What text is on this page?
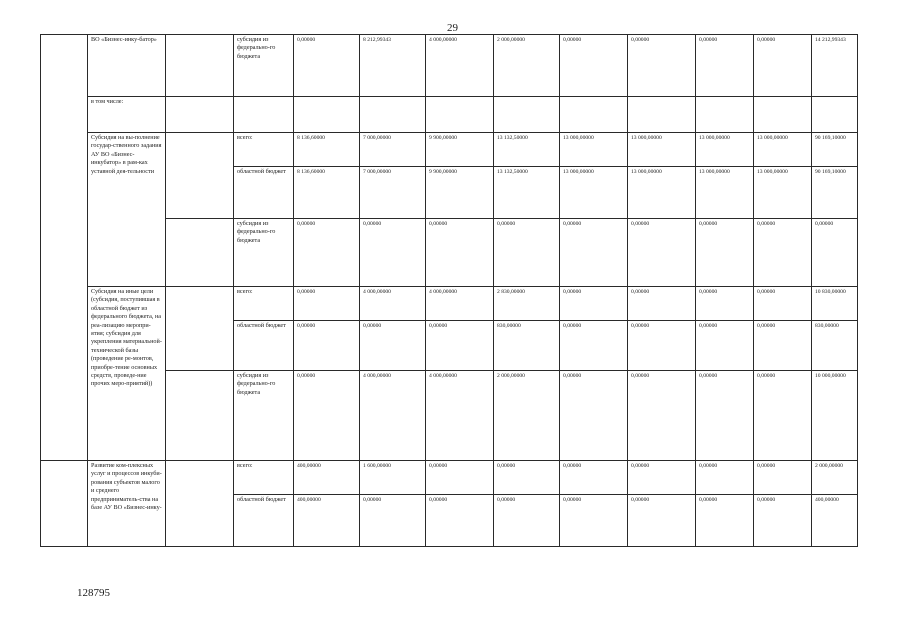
29
	ВО «Бизнес-инку-батор»		субсидия из федерально-го бюджета	0,00000	8 212,99343	4 000,00000	2 000,00000	0,00000	0,00000	0,00000	0,00000	14 212,99343
	в том числе:											
	Субсидия на вы-полнение государ-ственного задания АУ ВО «Бизнес-инкубатор» в рам-ках уставной дея-тельности		всего:	8 136,60000	7 000,00000	9 900,00000	13 132,50000	13 000,00000	13 000,00000	13 000,00000	13 000,00000	90 169,10000
			областной бюджет	8 136,60000	7 000,00000	9 900,00000	13 132,50000	13 000,00000	13 000,00000	13 000,00000	13 000,00000	90 169,10000
			субсидия из федерально-го бюджета	0,00000	0,00000	0,00000	0,00000	0,00000	0,00000	0,00000	0,00000	0,00000
	Субсидия на иные цели (субсидия, поступившая в областной бюджет из федерального бюджета, на реа-лизацию меропри-ятия; субсидия для укрепления материальной-технической базы (проведение ре-монтов, приобре-тение основных средств, проведе-ние прочих меро-приятий))		всего:	0,00000	4 000,00000	4 000,00000	2 830,00000	0,00000	0,00000	0,00000	0,00000	10 830,00000
			областной бюджет	0,00000	0,00000	0,00000	830,00000	0,00000	0,00000	0,00000	0,00000	830,00000
			субсидия из федерально-го бюджета	0,00000	4 000,00000	4 000,00000	2 000,00000	0,00000	0,00000	0,00000	0,00000	10 000,00000
	Развитие ком-плексных услуг и процессов инкуби-рования субъектов малого и среднего предприниматель-ства на базе АУ ВО «Бизнес-инку-		всего:	400,00000	1 600,00000	0,00000	0,00000	0,00000	0,00000	0,00000	0,00000	2 000,00000
			областной бюджет	400,00000	0,00000	0,00000	0,00000	0,00000	0,00000	0,00000	0,00000	400,00000
128795
